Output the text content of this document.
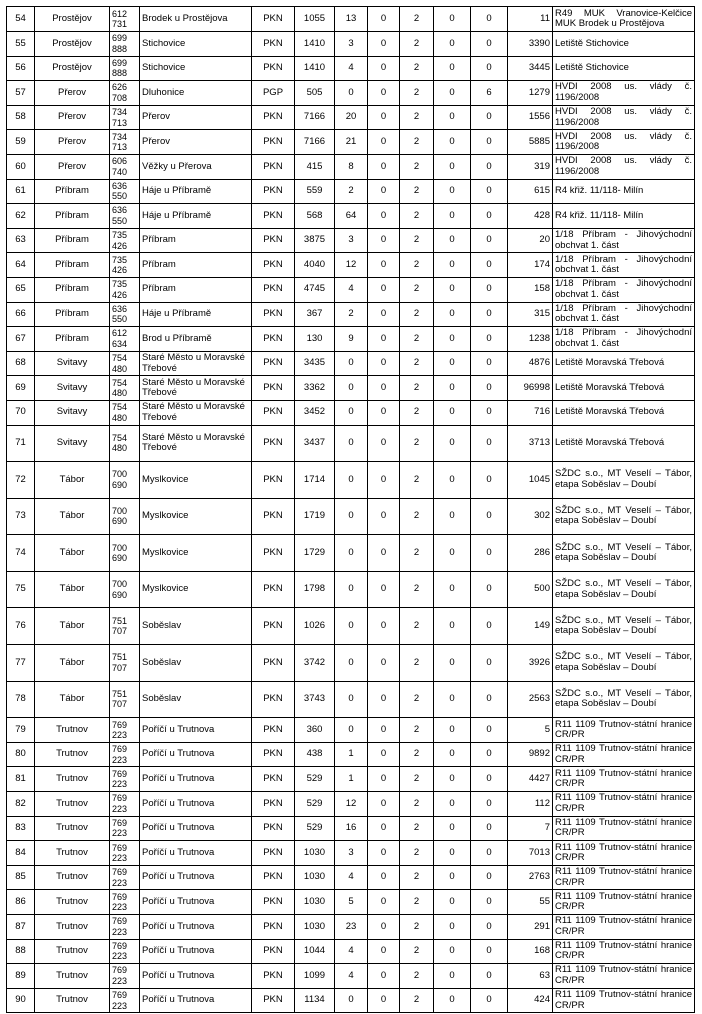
54	Prostějov	612 731	Brodek u Prostějova	PKN	1055	13	0	2	0	0	11	R49 MUK Vranovice-Kelčice MUK Brodek u Prostějova
55	Prostějov	699 888	Stichovice	PKN	1410	3	0	2	0	0	3390	Letiště Stichovice
56	Prostějov	699 888	Stichovice	PKN	1410	4	0	2	0	0	3445	Letiště Stichovice
57	Přerov	626 708	Dluhonice	PGP	505	0	0	2	0	6	1279	HVDI 2008 us. vlády č. 1196/2008
58	Přerov	734 713	Přerov	PKN	7166	20	0	2	0	0	1556	HVDI 2008 us. vlády č. 1196/2008
59	Přerov	734 713	Přerov	PKN	7166	21	0	2	0	0	5885	HVDI 2008 us. vlády č. 1196/2008
60	Přerov	606 740	Věžky u Přerova	PKN	415	8	0	2	0	0	319	HVDI 2008 us. vlády č. 1196/2008
61	Příbram	636 550	Háje u Příbramě	PKN	559	2	0	2	0	0	615	R4 křiž. 11/118- Milín
62	Příbram	636 550	Háje u Příbramě	PKN	568	64	0	2	0	0	428	R4 křiž. 11/118- Milín
63	Příbram	735 426	Příbram	PKN	3875	3	0	2	0	0	20	1/18 Příbram - Jihovýchodní obchvat 1. část
64	Příbram	735 426	Příbram	PKN	4040	12	0	2	0	0	174	1/18 Příbram - Jihovýchodní obchvat 1. část
65	Příbram	735 426	Příbram	PKN	4745	4	0	2	0	0	158	1/18 Příbram - Jihovýchodní obchvat 1. část
66	Příbram	636 550	Háje u Příbramě	PKN	367	2	0	2	0	0	315	1/18 Příbram - Jihovýchodní obchvat 1. část
67	Příbram	612 634	Brod u Příbramě	PKN	130	9	0	2	0	0	1238	1/18 Příbram - Jihovýchodní obchvat 1. část
68	Svitavy	754 480	Staré Město u Moravské Třebové	PKN	3435	0	0	2	0	0	4876	Letiště Moravská Třebová
69	Svitavy	754 480	Staré Město u Moravské Třebové	PKN	3362	0	0	2	0	0	96998	Letiště Moravská Třebová
70	Svitavy	754 480	Staré Město u Moravské Třebové	PKN	3452	0	0	2	0	0	716	Letiště Moravská Třebová
71	Svitavy	754 480	Staré Město u Moravské Třebové	PKN	3437	0	0	2	0	0	3713	Letiště Moravská Třebová
72	Tábor	700 690	Myslkovice	PKN	1714	0	0	2	0	0	1045	SŽDC s.o., MT Veselí – Tábor, etapa Soběslav – Doubí
73	Tábor	700 690	Myslkovice	PKN	1719	0	0	2	0	0	302	SŽDC s.o., MT Veselí – Tábor, etapa Soběslav – Doubí
74	Tábor	700 690	Myslkovice	PKN	1729	0	0	2	0	0	286	SŽDC s.o., MT Veselí – Tábor, etapa Soběslav – Doubí
75	Tábor	700 690	Myslkovice	PKN	1798	0	0	2	0	0	500	SŽDC s.o., MT Veselí – Tábor, etapa Soběslav – Doubí
76	Tábor	751 707	Soběslav	PKN	1026	0	0	2	0	0	149	SŽDC s.o., MT Veselí – Tábor, etapa Soběslav – Doubí
77	Tábor	751 707	Soběslav	PKN	3742	0	0	2	0	0	3926	SŽDC s.o., MT Veselí – Tábor, etapa Soběslav – Doubí
78	Tábor	751 707	Soběslav	PKN	3743	0	0	2	0	0	2563	SŽDC s.o., MT Veselí – Tábor, etapa Soběslav – Doubí
79	Trutnov	769 223	Poříčí u Trutnova	PKN	360	0	0	2	0	0	5	R11 1109 Trutnov-státní hranice CR/PR
80	Trutnov	769 223	Poříčí u Trutnova	PKN	438	1	0	2	0	0	9892	R11 1109 Trutnov-státní hranice CR/PR
81	Trutnov	769 223	Poříčí u Trutnova	PKN	529	1	0	2	0	0	4427	R11 1109 Trutnov-státní hranice CR/PR
82	Trutnov	769 223	Poříčí u Trutnova	PKN	529	12	0	2	0	0	112	R11 1109 Trutnov-státní hranice CR/PR
83	Trutnov	769 223	Poříčí u Trutnova	PKN	529	16	0	2	0	0	7	R11 1109 Trutnov-státní hranice CR/PR
84	Trutnov	769 223	Poříčí u Trutnova	PKN	1030	3	0	2	0	0	7013	R11 1109 Trutnov-státní hranice CR/PR
85	Trutnov	769 223	Poříčí u Trutnova	PKN	1030	4	0	2	0	0	2763	R11 1109 Trutnov-státní hranice CR/PR
86	Trutnov	769 223	Poříčí u Trutnova	PKN	1030	5	0	2	0	0	55	R11 1109 Trutnov-státní hranice CR/PR
87	Trutnov	769 223	Poříčí u Trutnova	PKN	1030	23	0	2	0	0	291	R11 1109 Trutnov-státní hranice CR/PR
88	Trutnov	769 223	Poříčí u Trutnova	PKN	1044	4	0	2	0	0	168	R11 1109 Trutnov-státní hranice CR/PR
89	Trutnov	769 223	Poříčí u Trutnova	PKN	1099	4	0	2	0	0	63	R11 1109 Trutnov-státní hranice CR/PR
90	Trutnov	769 223	Poříčí u Trutnova	PKN	1134	0	0	2	0	0	424	R11 1109 Trutnov-státní hranice CR/PR
